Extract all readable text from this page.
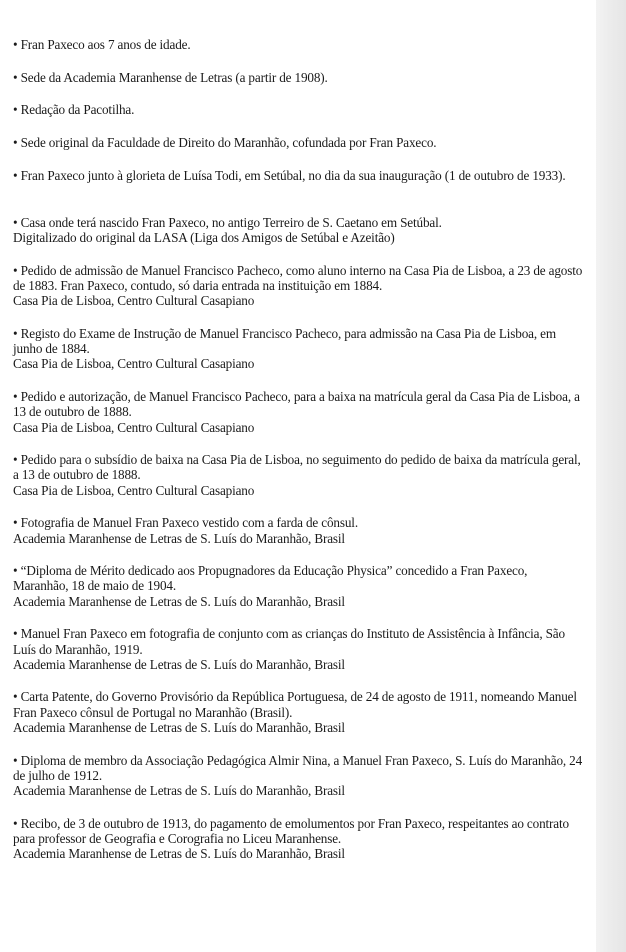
• Fran Paxeco aos 7 anos de idade.

• Sede da Academia Maranhense de Letras (a partir de 1908).

• Redação da Pacotilha.

• Sede original da Faculdade de Direito do Maranhão, cofundada por Fran Paxeco.

• Fran Paxeco junto à glorieta de Luísa Todi, em Setúbal, no dia da sua inauguração (1 de outubro de 1933).

• Casa onde terá nascido Fran Paxeco, no antigo Terreiro de S. Caetano em Setúbal.
Digitalizado do original da LASA (Liga dos Amigos de Setúbal e Azeitão)

• Pedido de admissão de Manuel Francisco Pacheco, como aluno interno na Casa Pia de Lisboa, a 23 de agosto de 1883. Fran Paxeco, contudo, só daria entrada na instituição em 1884.
Casa Pia de Lisboa, Centro Cultural Casapiano

• Registo do Exame de Instrução de Manuel Francisco Pacheco, para admissão na Casa Pia de Lisboa, em junho de 1884.
Casa Pia de Lisboa, Centro Cultural Casapiano

• Pedido e autorização, de Manuel Francisco Pacheco, para a baixa na matrícula geral da Casa Pia de Lisboa, a 13 de outubro de 1888.
Casa Pia de Lisboa, Centro Cultural Casapiano

• Pedido para o subsídio de baixa na Casa Pia de Lisboa, no seguimento do pedido de baixa da matrícula geral, a 13 de outubro de 1888.
Casa Pia de Lisboa, Centro Cultural Casapiano

• Fotografia de Manuel Fran Paxeco vestido com a farda de cônsul.
Academia Maranhense de Letras de S. Luís do Maranhão, Brasil

• “Diploma de Mérito dedicado aos Propugnadores da Educação Physica” concedido a Fran Paxeco, Maranhão, 18 de maio de 1904.
Academia Maranhense de Letras de S. Luís do Maranhão, Brasil

• Manuel Fran Paxeco em fotografia de conjunto com as crianças do Instituto de Assistência à Infância, São Luís do Maranhão, 1919.
Academia Maranhense de Letras de S. Luís do Maranhão, Brasil

• Carta Patente, do Governo Provisório da República Portuguesa, de 24 de agosto de 1911, nomeando Manuel Fran Paxeco cônsul de Portugal no Maranhão (Brasil).
Academia Maranhense de Letras de S. Luís do Maranhão, Brasil

• Diploma de membro da Associação Pedagógica Almir Nina, a Manuel Fran Paxeco, S. Luís do Maranhão, 24 de julho de 1912.
Academia Maranhense de Letras de S. Luís do Maranhão, Brasil

• Recibo, de 3 de outubro de 1913, do pagamento de emolumentos por Fran Paxeco, respeitantes ao contrato para professor de Geografia e Corografia no Liceu Maranhense.
Academia Maranhense de Letras de S. Luís do Maranhão, Brasil
